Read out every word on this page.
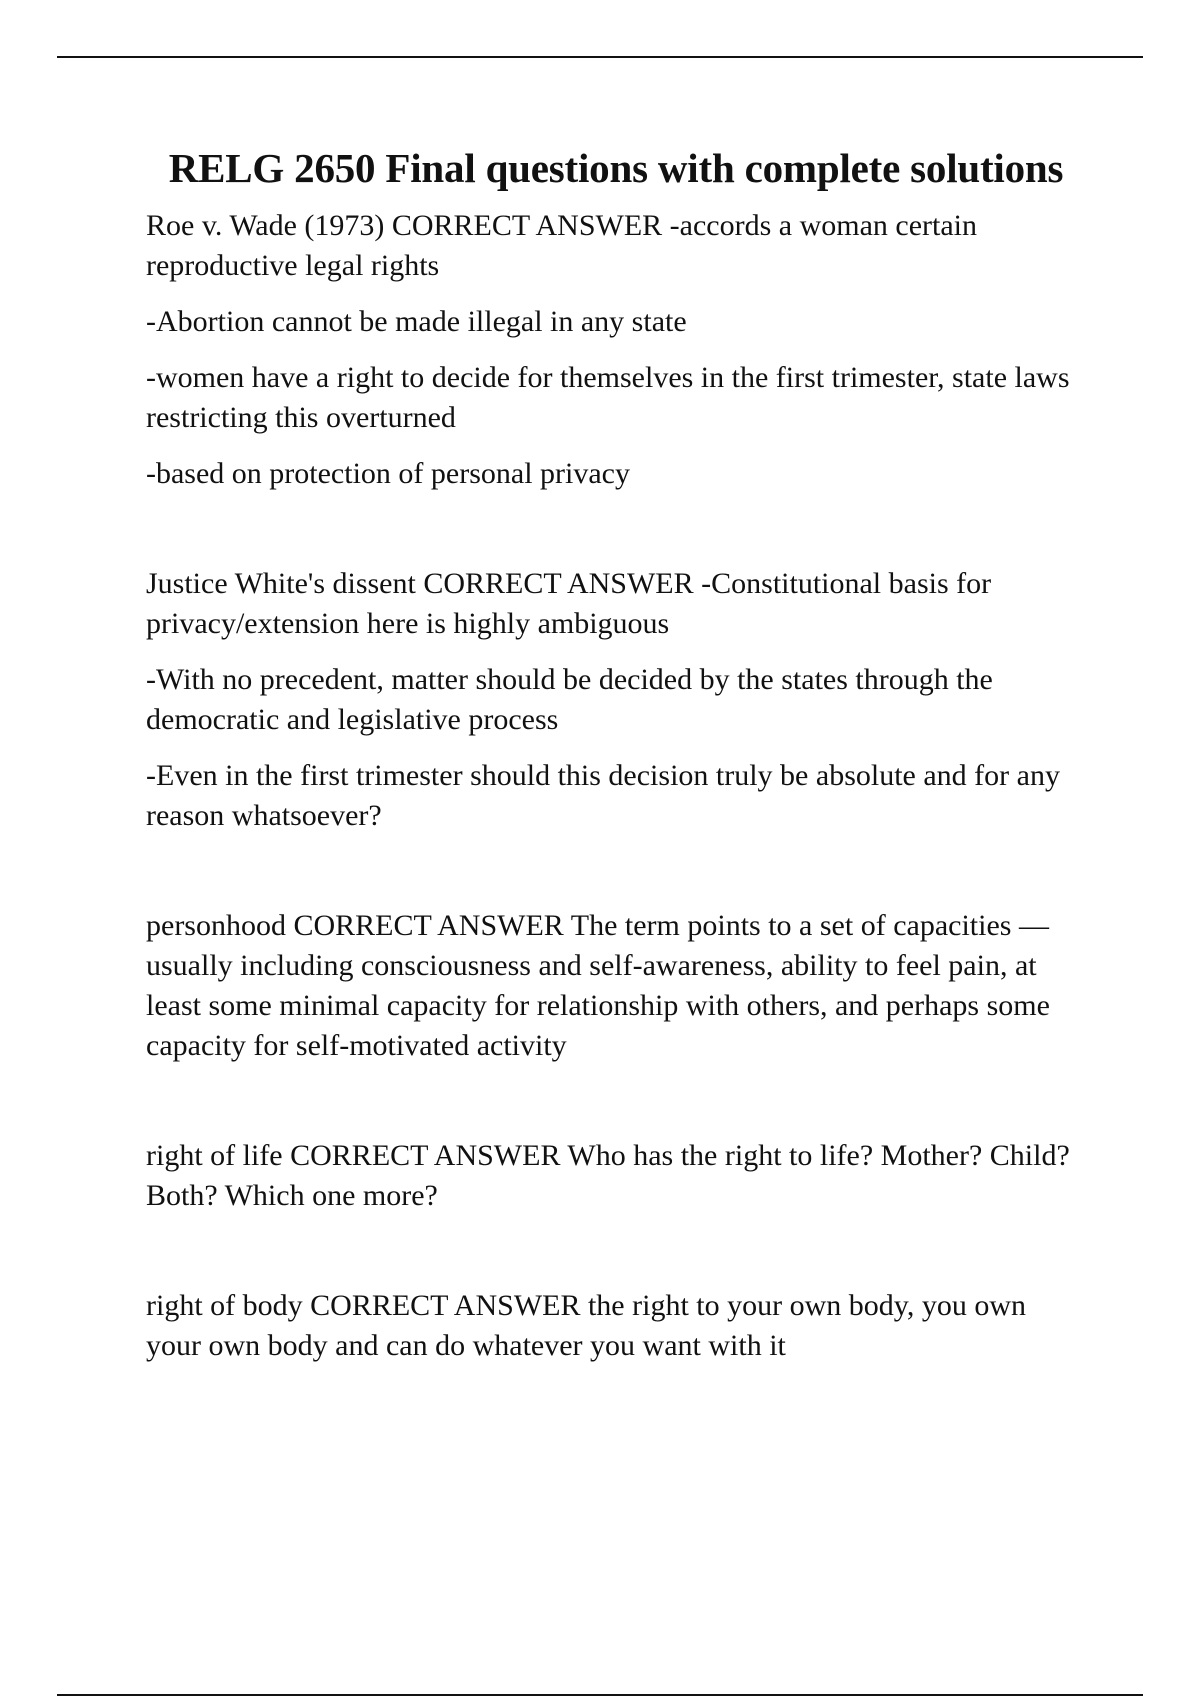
RELG 2650 Final questions with complete solutions

Roe v. Wade (1973) CORRECT ANSWER -accords a woman certain reproductive legal rights

-Abortion cannot be made illegal in any state

-women have a right to decide for themselves in the first trimester, state laws restricting this overturned

-based on protection of personal privacy

Justice White's dissent CORRECT ANSWER -Constitutional basis for privacy/extension here is highly ambiguous

-With no precedent, matter should be decided by the states through the democratic and legislative process

-Even in the first trimester should this decision truly be absolute and for any reason whatsoever?

personhood CORRECT ANSWER The term points to a set of capacities — usually including consciousness and self-awareness, ability to feel pain, at least some minimal capacity for relationship with others, and perhaps some capacity for self-motivated activity

right of life CORRECT ANSWER Who has the right to life? Mother? Child? Both? Which one more?

right of body CORRECT ANSWER the right to your own body, you own your own body and can do whatever you want with it
